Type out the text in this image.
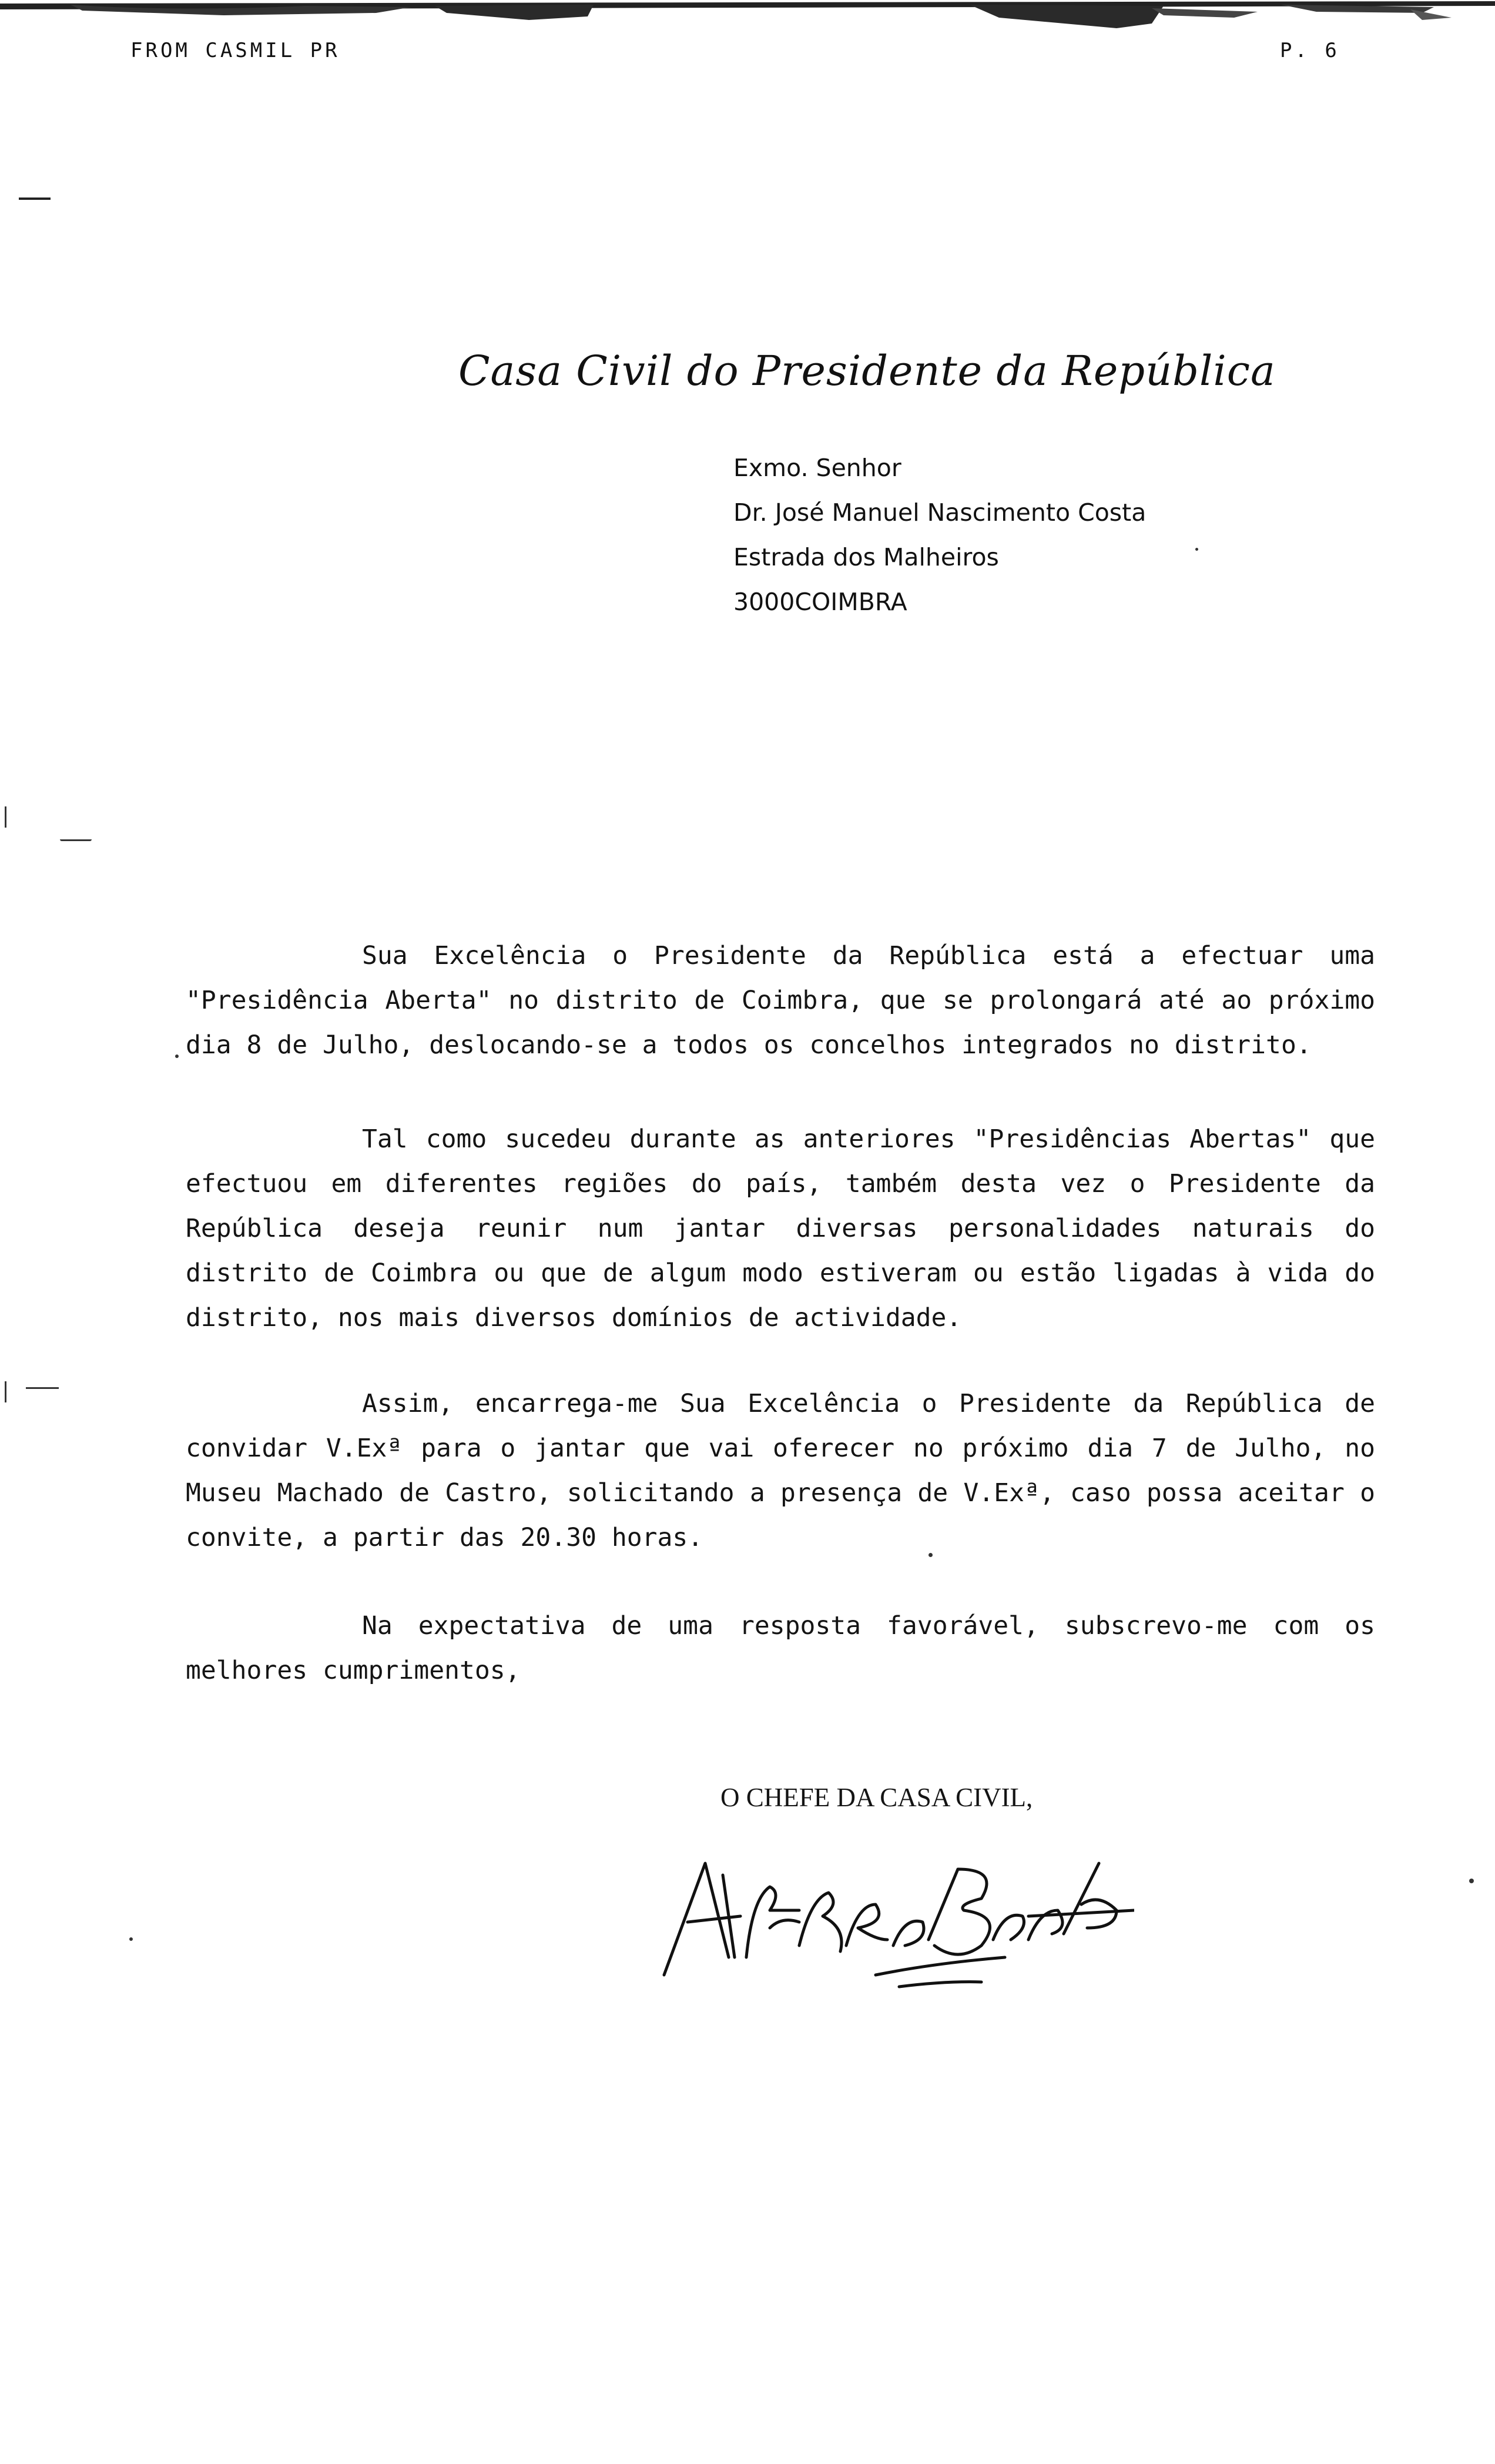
FROM CASMIL PR	P. 6
Casa Civil do Presidente da República
Exmo. Senhor
Dr. José Manuel Nascimento Costa
Estrada dos Malheiros
3000COIMBRA

Sua Excelência o Presidente da República está a efectuar uma "Presidência Aberta" no distrito de Coimbra, que se prolongará até ao próximo dia 8 de Julho, deslocando-se a todos os concelhos integrados no distrito.

Tal como sucedeu durante as anteriores "Presidências Abertas" que efectuou em diferentes regiões do país, também desta vez o Presidente da República deseja reunir num jantar diversas personalidades naturais do distrito de Coimbra ou que de algum modo estiveram ou estão ligadas à vida do distrito, nos mais diversos domínios de actividade.

Assim, encarrega-me Sua Excelência o Presidente da República de convidar V.Exª para o jantar que vai oferecer no próximo dia 7 de Julho, no Museu Machado de Castro, solicitando a presença de V.Exª, caso possa aceitar o convite, a partir das 20.30 horas.

Na expectativa de uma resposta favorável, subscrevo-me com os melhores cumprimentos,

O CHEFE DA CASA CIVIL,
